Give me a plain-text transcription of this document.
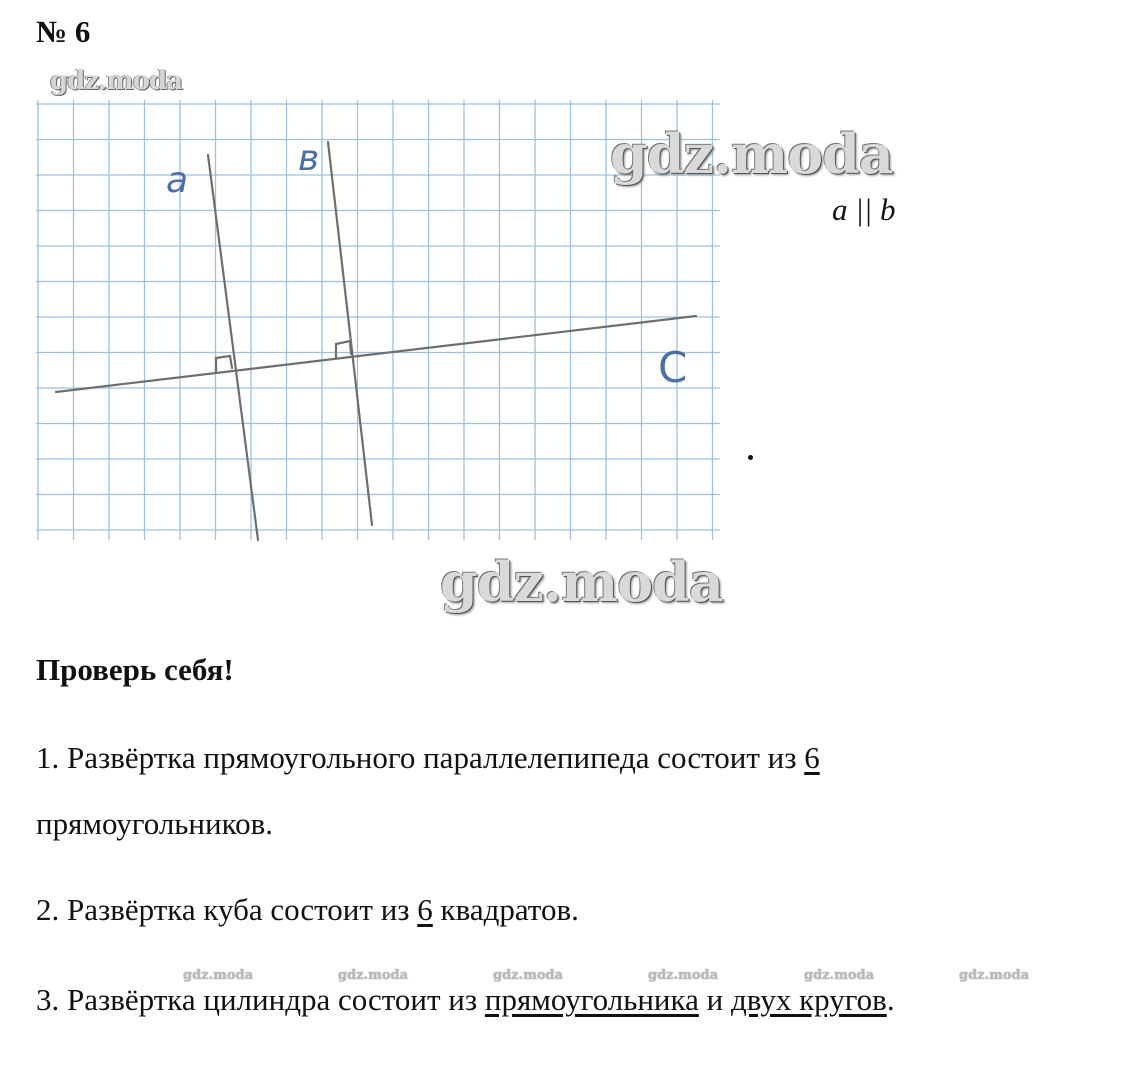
№ 6
gdz.moda
a
в
C
gdz.moda
a || b
gdz.moda
Проверь себя!
1. Развёртка прямоугольного параллелепипеда состоит из 6
прямоугольников.
2. Развёртка куба состоит из 6 квадратов.
gdz.moda	gdz.moda	gdz.moda	gdz.moda	gdz.moda	gdz.moda
3. Развёртка цилиндра состоит из прямоугольника и двух кругов.
